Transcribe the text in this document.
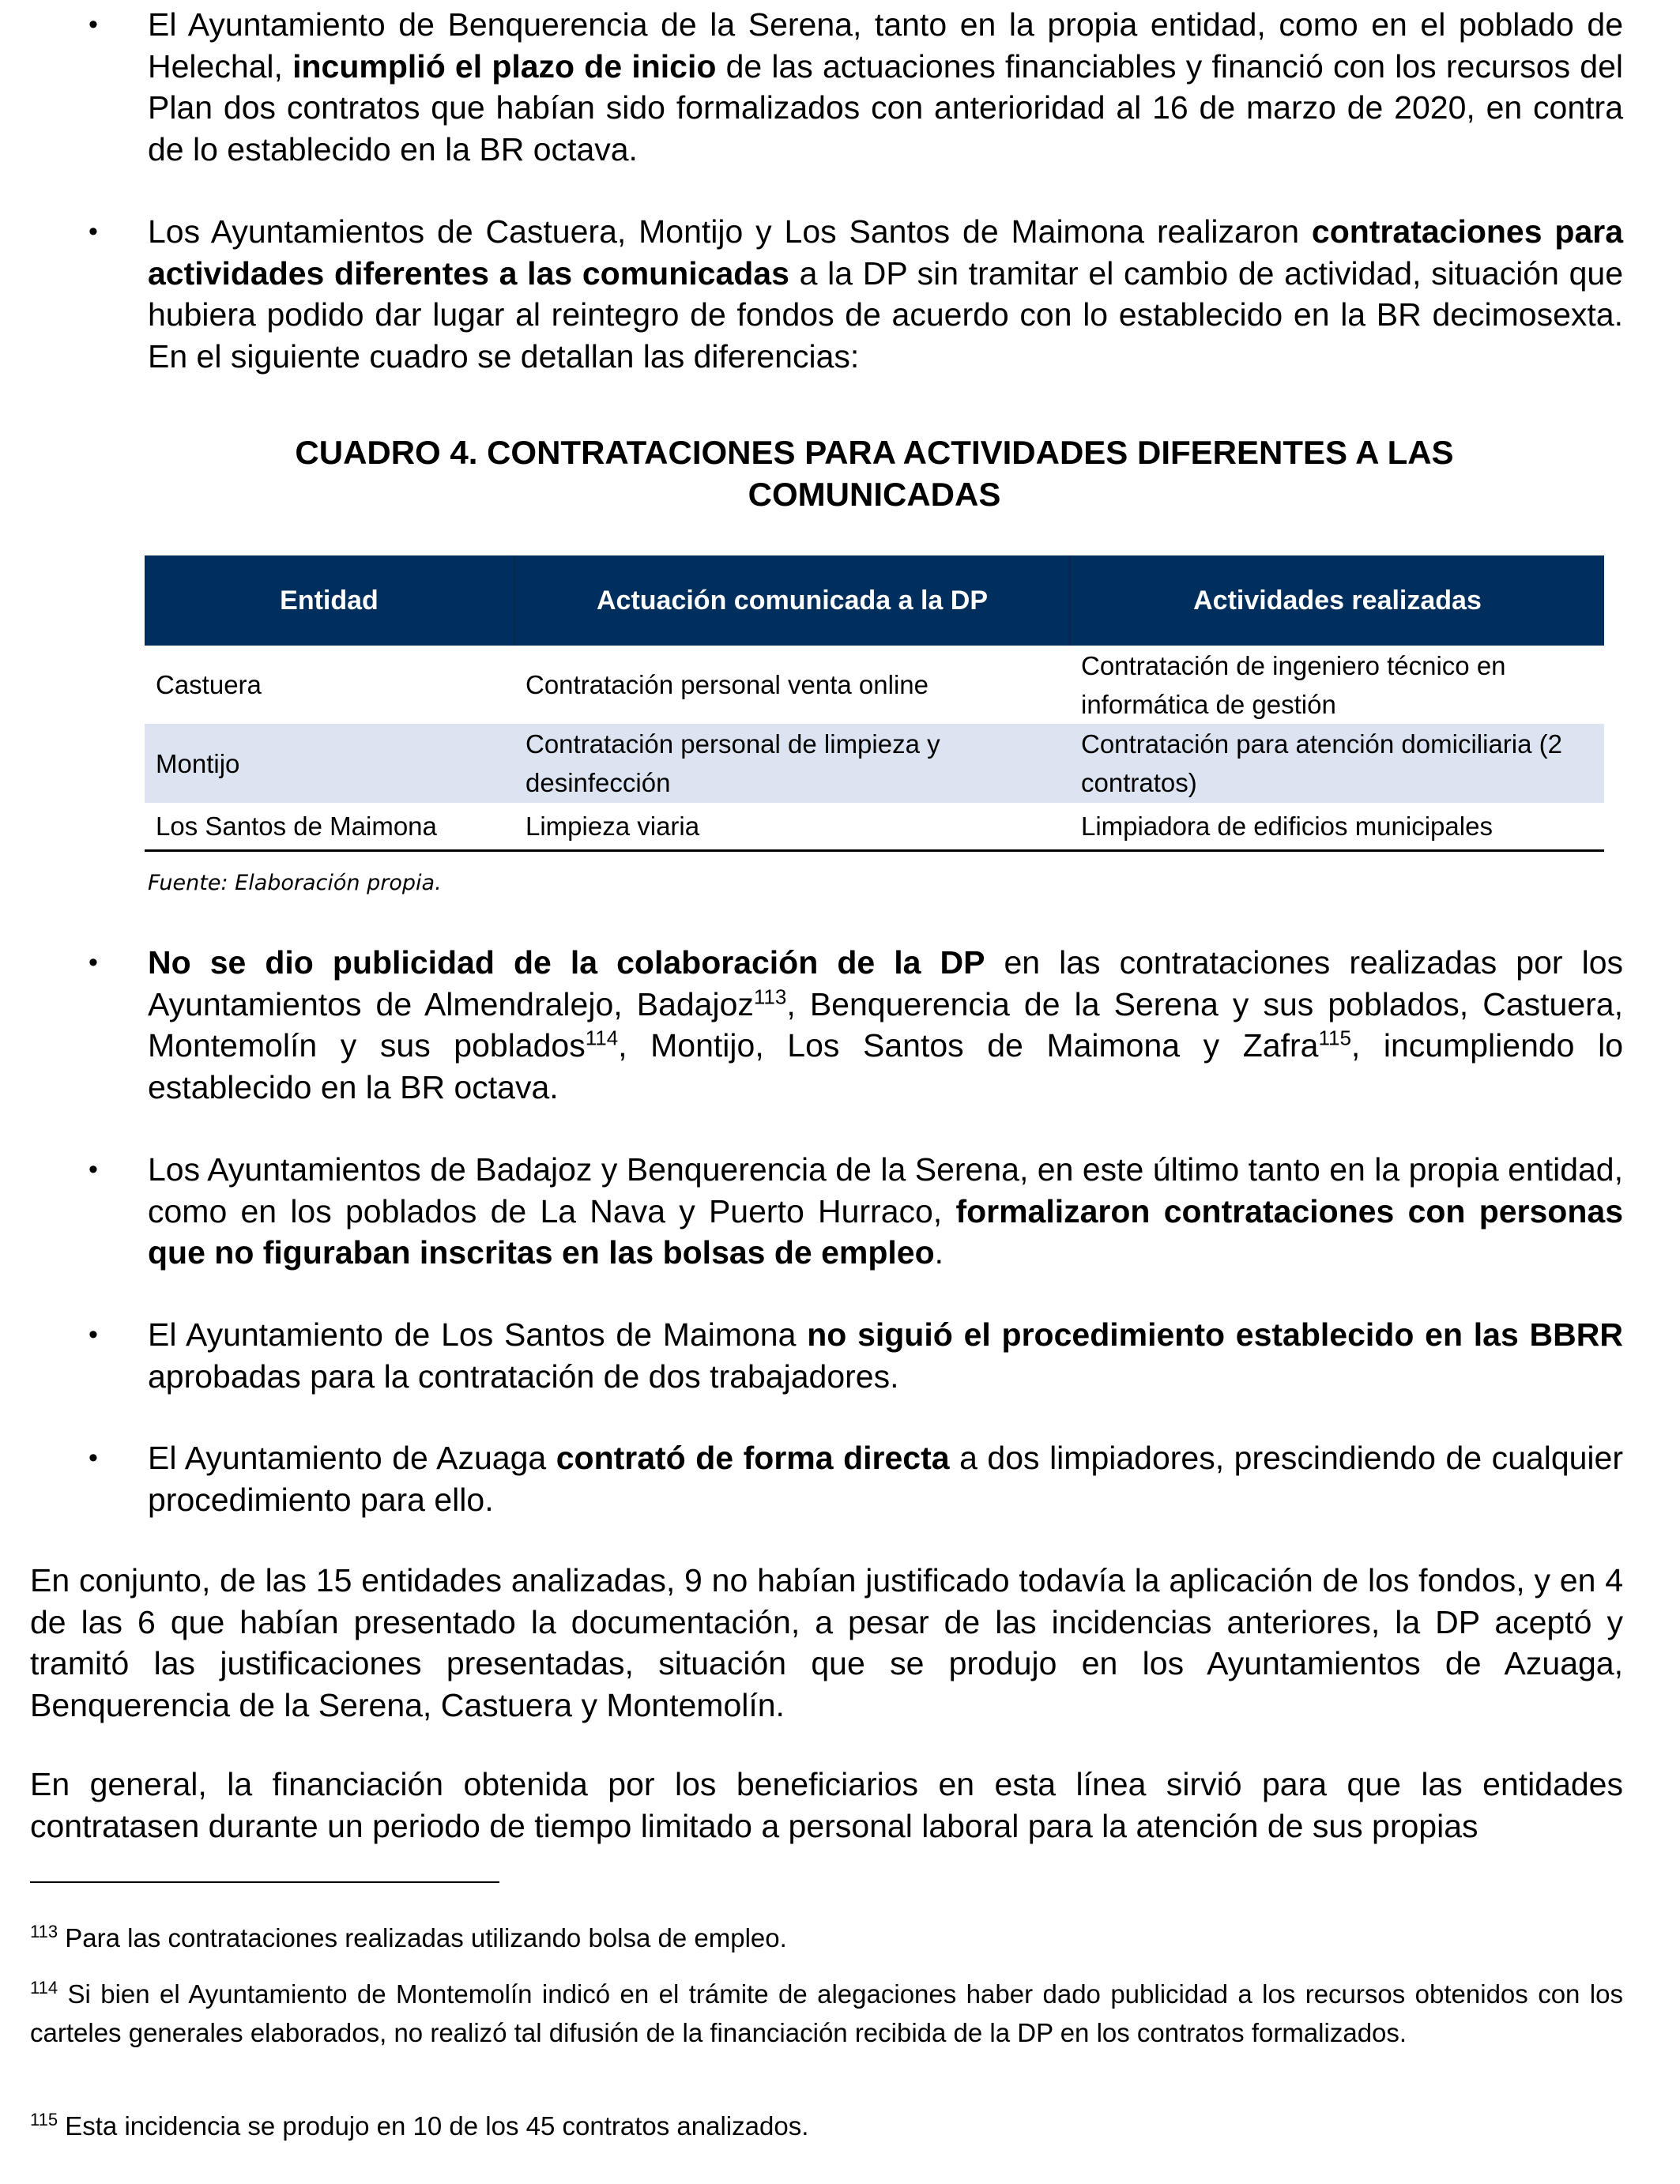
• El Ayuntamiento de Benquerencia de la Serena, tanto en la propia entidad, como en el poblado de Helechal, incumplió el plazo de inicio de las actuaciones financiables y financió con los recursos del Plan dos contratos que habían sido formalizados con anterioridad al 16 de marzo de 2020, en contra de lo establecido en la BR octava.
• Los Ayuntamientos de Castuera, Montijo y Los Santos de Maimona realizaron contrataciones para actividades diferentes a las comunicadas a la DP sin tramitar el cambio de actividad, situación que hubiera podido dar lugar al reintegro de fondos de acuerdo con lo establecido en la BR decimosexta. En el siguiente cuadro se detallan las diferencias:
CUADRO 4. CONTRATACIONES PARA ACTIVIDADES DIFERENTES A LAS
COMUNICADAS
Entidad	Actuación comunicada a la DP	Actividades realizadas
Castuera	Contratación personal venta online	Contratación de ingeniero técnico en informática de gestión
Montijo	Contratación personal de limpieza y desinfección	Contratación para atención domiciliaria (2 contratos)
Los Santos de Maimona	Limpieza viaria	Limpiadora de edificios municipales
Fuente: Elaboración propia.
• No se dio publicidad de la colaboración de la DP en las contrataciones realizadas por los Ayuntamientos de Almendralejo, Badajoz$^{113}$, Benquerencia de la Serena y sus poblados, Castuera, Montemolín y sus poblados$^{114}$, Montijo, Los Santos de Maimona y Zafra$^{115}$, incumpliendo lo establecido en la BR octava.
• Los Ayuntamientos de Badajoz y Benquerencia de la Serena, en este último tanto en la propia entidad, como en los poblados de La Nava y Puerto Hurraco, formalizaron contrataciones con personas que no figuraban inscritas en las bolsas de empleo.
• El Ayuntamiento de Los Santos de Maimona no siguió el procedimiento establecido en las BBRR aprobadas para la contratación de dos trabajadores.
• El Ayuntamiento de Azuaga contrató de forma directa a dos limpiadores, prescindiendo de cualquier procedimiento para ello.
En conjunto, de las 15 entidades analizadas, 9 no habían justificado todavía la aplicación de los fondos, y en 4 de las 6 que habían presentado la documentación, a pesar de las incidencias anteriores, la DP aceptó y tramitó las justificaciones presentadas, situación que se produjo en los Ayuntamientos de Azuaga, Benquerencia de la Serena, Castuera y Montemolín.
En general, la financiación obtenida por los beneficiarios en esta línea sirvió para que las entidades contratasen durante un periodo de tiempo limitado a personal laboral para la atención de sus propias
$^{113}$ Para las contrataciones realizadas utilizando bolsa de empleo.
$^{114}$ Si bien el Ayuntamiento de Montemolín indicó en el trámite de alegaciones haber dado publicidad a los recursos obtenidos con los carteles generales elaborados, no realizó tal difusión de la financiación recibida de la DP en los contratos formalizados.
$^{115}$ Esta incidencia se produjo en 10 de los 45 contratos analizados.
